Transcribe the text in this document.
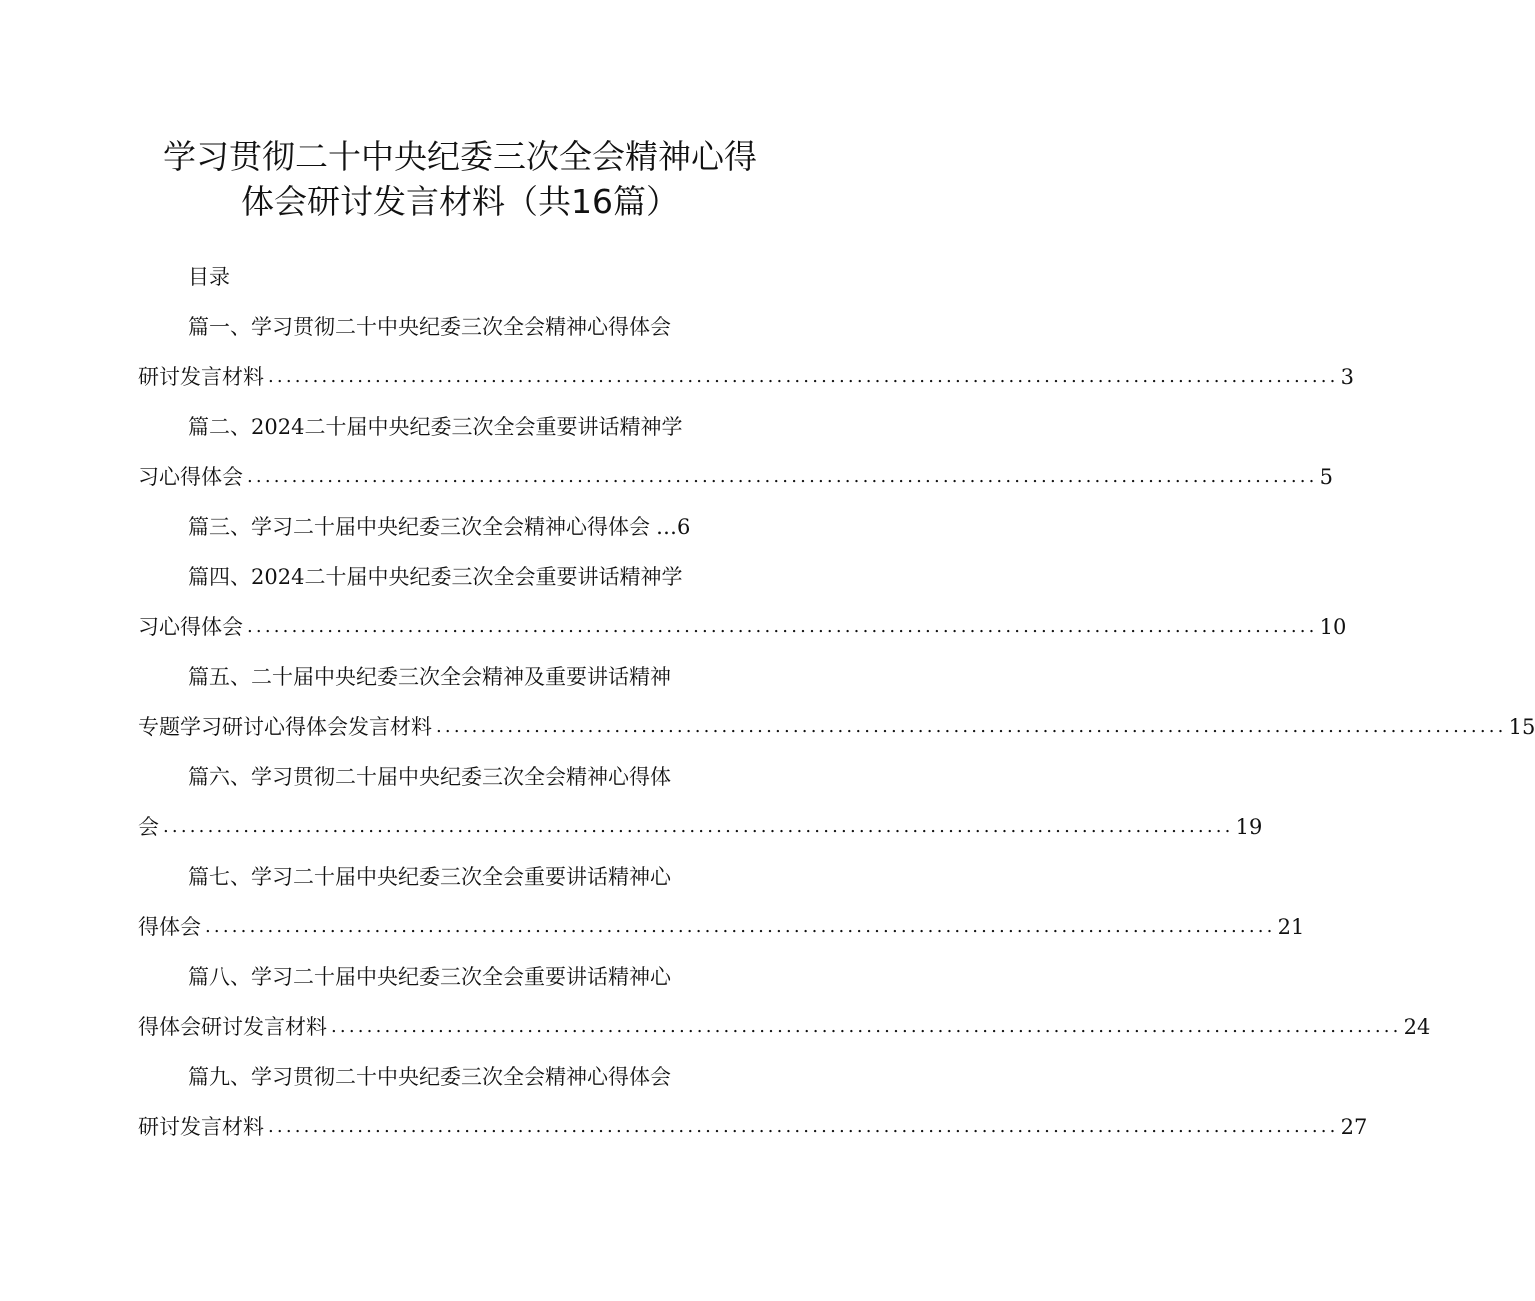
学习贯彻二十中央纪委三次全会精神心得
体会研讨发言材料（共16篇）
目录
篇一、学习贯彻二十中央纪委三次全会精神心得体会
研讨发言材料 ........................................................................................................................ 3
篇二、2024二十届中央纪委三次全会重要讲话精神学
习心得体会 ........................................................................................................................ 5
篇三、学习二十届中央纪委三次全会精神心得体会 …6
篇四、2024二十届中央纪委三次全会重要讲话精神学
习心得体会 ........................................................................................................................ 10
篇五、二十届中央纪委三次全会精神及重要讲话精神
专题学习研讨心得体会发言材料 ........................................................................................................................ 15
篇六、学习贯彻二十届中央纪委三次全会精神心得体
会 ........................................................................................................................ 19
篇七、学习二十届中央纪委三次全会重要讲话精神心
得体会 ........................................................................................................................ 21
篇八、学习二十届中央纪委三次全会重要讲话精神心
得体会研讨发言材料 ........................................................................................................................ 24
篇九、学习贯彻二十中央纪委三次全会精神心得体会
研讨发言材料 ........................................................................................................................ 27
